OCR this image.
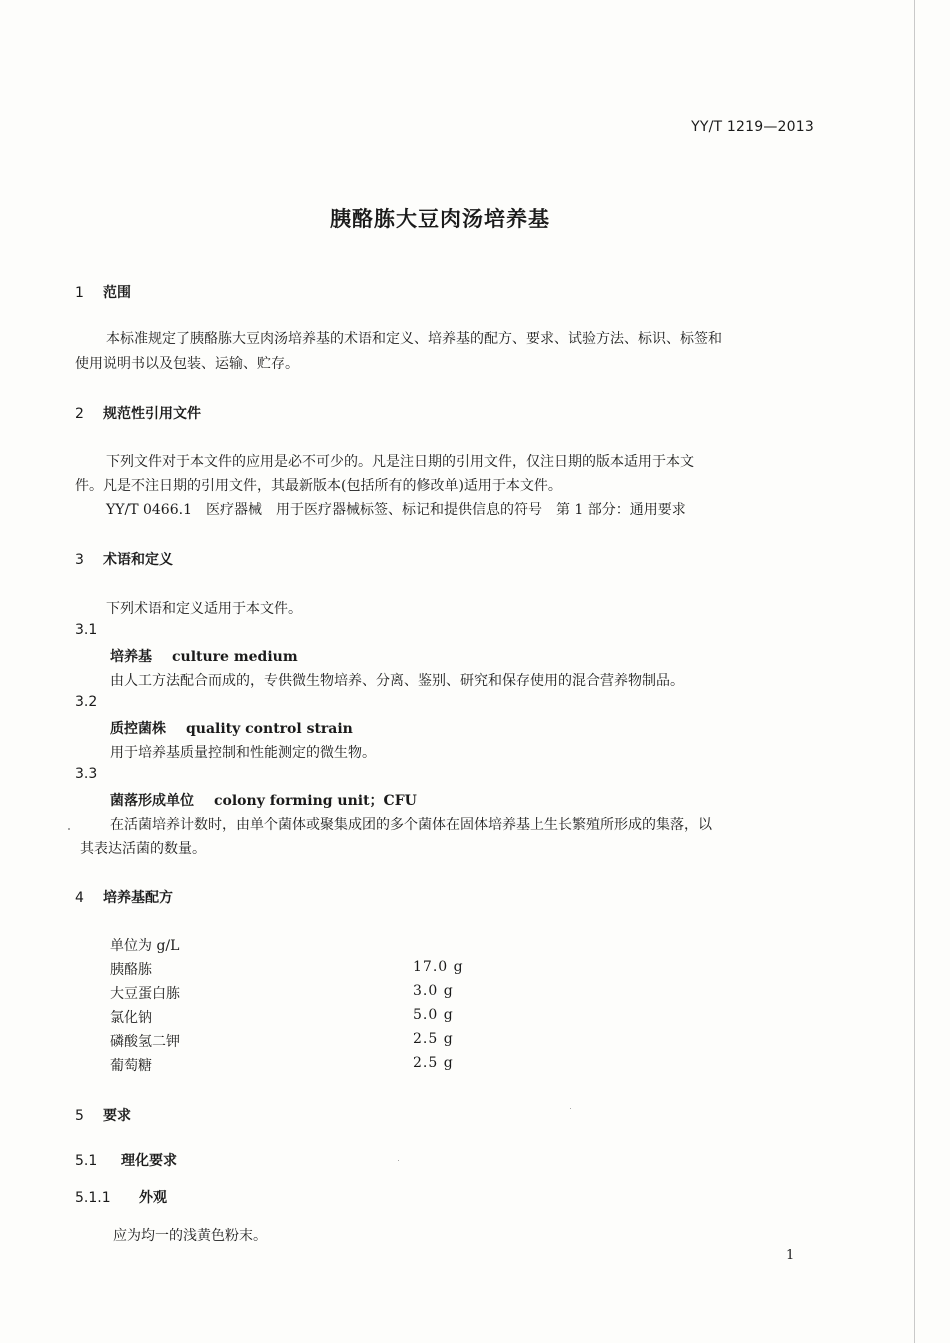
YY/T 1219—2013
胰酪胨大豆肉汤培养基
1 范围
本标准规定了胰酪胨大豆肉汤培养基的术语和定义、培养基的配方、要求、试验方法、标识、标签和
使用说明书以及包装、运输、贮存。
2 规范性引用文件
下列文件对于本文件的应用是必不可少的。凡是注日期的引用文件，仅注日期的版本适用于本文
件。凡是不注日期的引用文件，其最新版本(包括所有的修改单)适用于本文件。
YY/T 0466.1　医疗器械　用于医疗器械标签、标记和提供信息的符号　第 1 部分：通用要求
3 术语和定义
下列术语和定义适用于本文件。
3.1
培养基 culture medium
由人工方法配合而成的，专供微生物培养、分离、鉴别、研究和保存使用的混合营养物制品。
3.2
质控菌株 quality control strain
用于培养基质量控制和性能测定的微生物。
3.3
菌落形成单位 colony forming unit；CFU
在活菌培养计数时，由单个菌体或聚集成团的多个菌体在固体培养基上生长繁殖所形成的集落，以
其表达活菌的数量。
4 培养基配方
单位为 g/L
胰酪胨	17.0 g
大豆蛋白胨	3.0 g
氯化钠	5.0 g
磷酸氢二钾	2.5 g
葡萄糖	2.5 g
5 要求
5.1 理化要求
5.1.1 外观
应为均一的浅黄色粉末。
1
